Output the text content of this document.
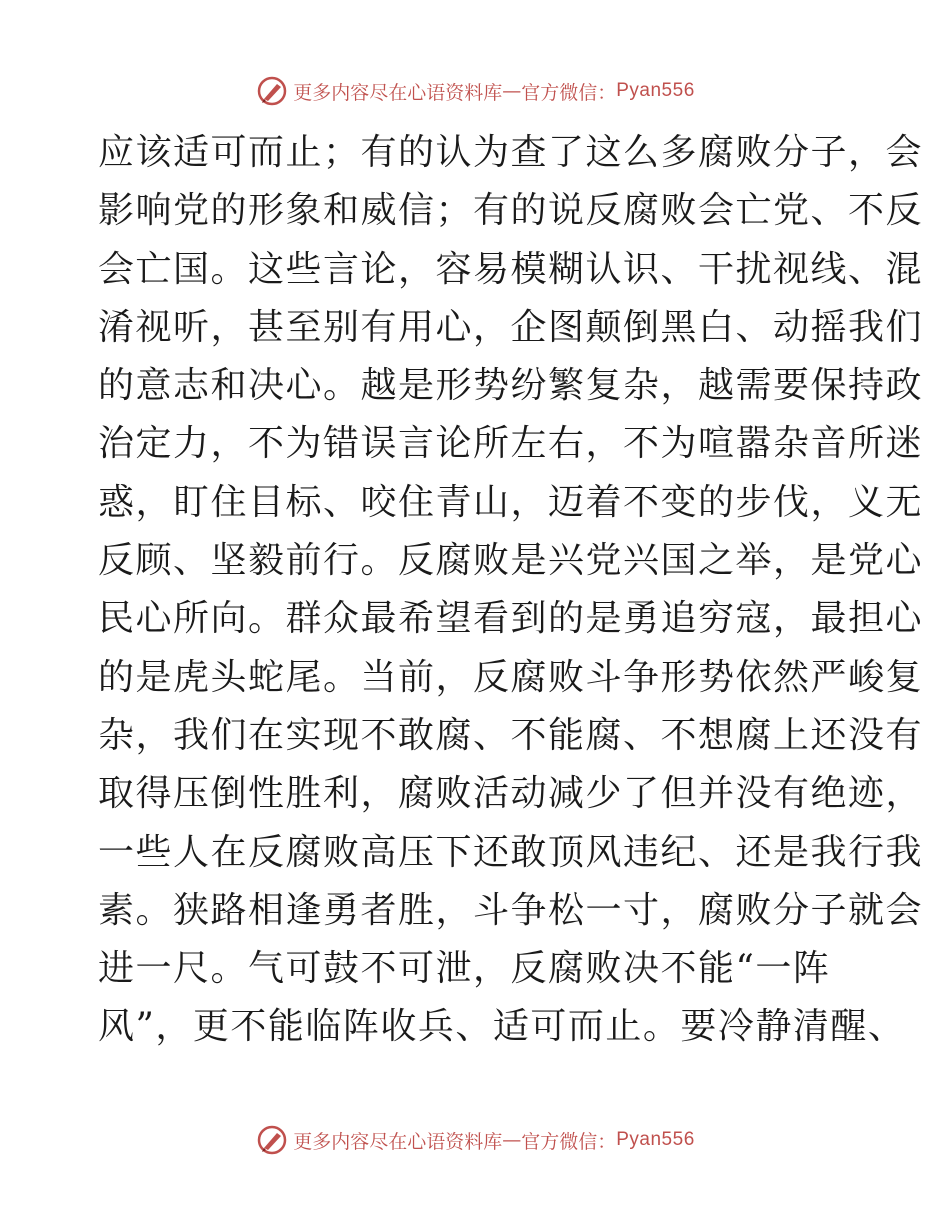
更多内容尽在心语资料库 — 官方微信： Pyan556
应该适可而止；有的认为查了这么多腐败分子，会
影响党的形象和威信；有的说反腐败会亡党、不反
会亡国。这些言论，容易模糊认识、干扰视线、混
淆视听，甚至别有用心，企图颠倒黑白、动摇我们
的意志和决心。越是形势纷繁复杂，越需要保持政
治定力，不为错误言论所左右，不为喧嚣杂音所迷
惑，盯住目标、咬住青山，迈着不变的步伐，义无
反顾、坚毅前行。反腐败是兴党兴国之举，是党心
民心所向。群众最希望看到的是勇追穷寇，最担心
的是虎头蛇尾。当前，反腐败斗争形势依然严峻复
杂，我们在实现不敢腐、不能腐、不想腐上还没有
取得压倒性胜利，腐败活动减少了但并没有绝迹，
一些人在反腐败高压下还敢顶风违纪、还是我行我
素。狭路相逢勇者胜，斗争松一寸，腐败分子就会
进一尺。气可鼓不可泄，反腐败决不能“一阵
风”，更不能临阵收兵、适可而止。要冷静清醒、
更多内容尽在心语资料库 — 官方微信： Pyan556
